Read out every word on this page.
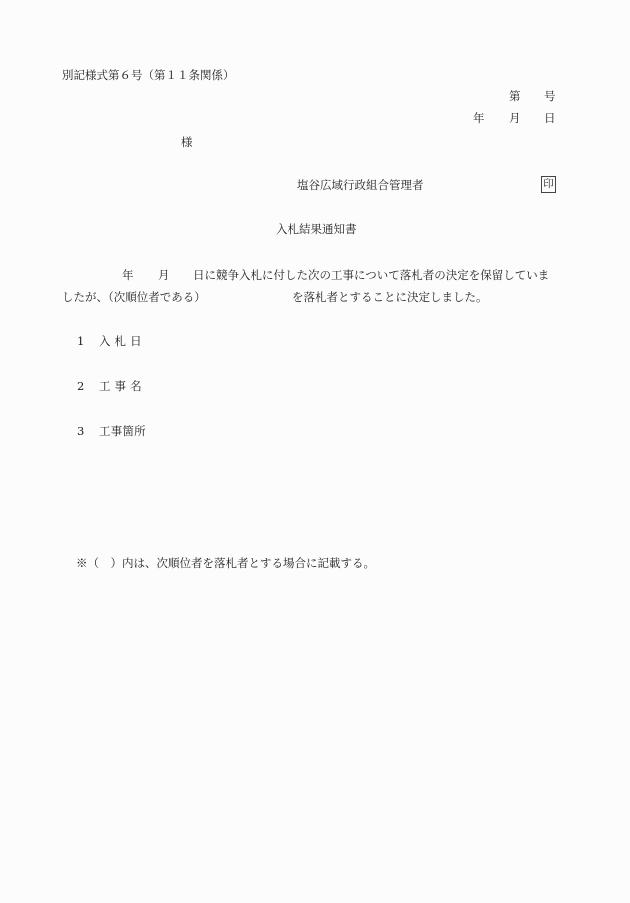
別記様式第６号（第１１条関係）
第 号
年 月 日
様
塩谷広域行政組合管理者	印
入札結果通知書
年 月 日に競争入札に付した次の工事について落札者の決定を保留していま
したが、（次順位者である）	を落札者とすることに決定しました。
1 入 札 日
2 工 事 名
3 工事箇所
※（　）内は、次順位者を落札者とする場合に記載する。
